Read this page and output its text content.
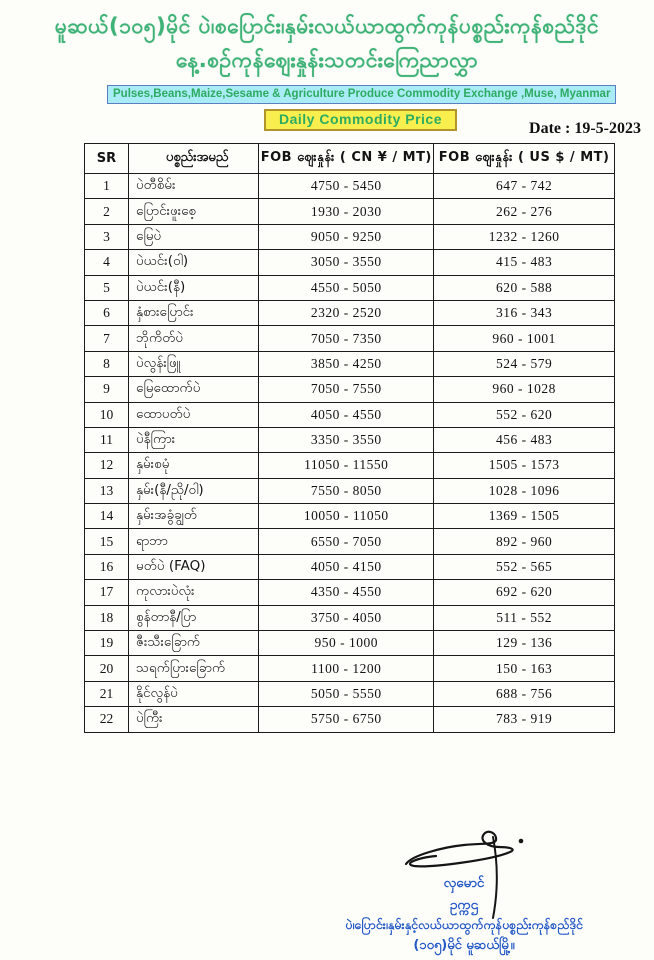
မူဆယ်(၁၀၅)မိုင် ပဲ၊စပြောင်း၊နှမ်းလယ်ယာထွက်ကုန်ပစ္စည်းကုန်စည်ဒိုင်
နေ့.စဉ်ကုန်ဈေးနှုန်းသတင်းကြေညာလွှာ
Pulses,Beans,Maize,Sesame & Agriculture Produce Commodity Exchange ,Muse, Myanmar
Daily Commodity Price
Date : 19-5-2023
SR	ပစ္စည်းအမည်	FOB ဈေးနှုန်း ( CN ¥ / MT)	FOB ဈေးနှုန်း ( US $ / MT)
1	ပဲတီစိမ်း	4750 - 5450	647 - 742
2	ပြောင်းဖူးစေ့	1930 - 2030	262 - 276
3	မြေပဲ	9050 - 9250	1232 - 1260
4	ပဲယင်း(ဝါ)	3050 - 3550	415 - 483
5	ပဲယင်း(နီ)	4550 - 5050	620 - 588
6	နှံစားပြောင်း	2320 - 2520	316 - 343
7	ဘိုကိတ်ပဲ	7050 - 7350	960 - 1001
8	ပဲလွန်းဖြူ	3850 - 4250	524 - 579
9	မြေထောက်ပဲ	7050 - 7550	960 - 1028
10	ထောပတ်ပဲ	4050 - 4550	552 - 620
11	ပဲနီကြား	3350 - 3550	456 - 483
12	နှမ်းစမုံ	11050 - 11550	1505 - 1573
13	နှမ်း(နီ/ညို/ဝါ)	7550 - 8050	1028 - 1096
14	နှမ်းအခွံချွတ်	10050 - 11050	1369 - 1505
15	ရာဘာ	6550 - 7050	892 - 960
16	မတ်ပဲ (FAQ)	4050 - 4150	552 - 565
17	ကုလားပဲလုံး	4350 - 4550	692 - 620
18	စွန်တာနီ/ပြာ	3750 - 4050	511 - 552
19	ဇီးသီးခြောက်	950 - 1000	129 - 136
20	သရက်ပြားခြောက်	1100 - 1200	150 - 163
21	နိုင်လွန်ပဲ	5050 - 5550	688 - 756
22	ပဲကြီး	5750 - 6750	783 - 919
လှမောင်
ဥက္ကဌ
ပဲ၊ပြောင်း၊နှမ်းနှင့်လယ်ယာထွက်ကုန်ပစ္စည်းကုန်စည်ဒိုင်
(၁၀၅)မိုင် မူဆယ်မြို့။
